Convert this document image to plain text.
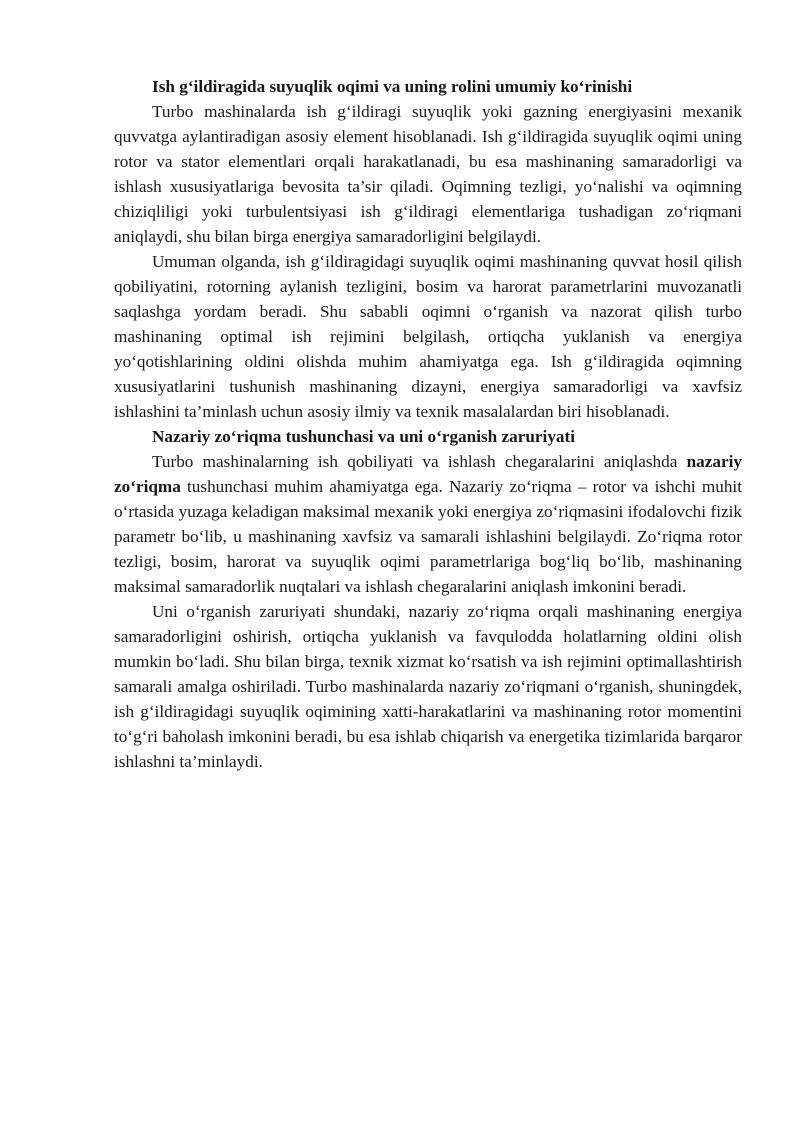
Ish g‘ildiragida suyuqlik oqimi va uning rolini umumiy ko‘rinishi

Turbo mashinalarda ish g‘ildiragi suyuqlik yoki gazning energiyasini mexanik quvvatga aylantiradigan asosiy element hisoblanadi. Ish g‘ildiragida suyuqlik oqimi uning rotor va stator elementlari orqali harakatlanadi, bu esa mashinaning samaradorligi va ishlash xususiyatlariga bevosita ta’sir qiladi. Oqimning tezligi, yo‘nalishi va oqimning chiziqliligi yoki turbulentsiyasi ish g‘ildiragi elementlariga tushadigan zo‘riqmani aniqlaydi, shu bilan birga energiya samaradorligini belgilaydi.

Umuman olganda, ish g‘ildiragidagi suyuqlik oqimi mashinaning quvvat hosil qilish qobiliyatini, rotorning aylanish tezligini, bosim va harorat parametrlarini muvozanatli saqlashga yordam beradi. Shu sababli oqimni o‘rganish va nazorat qilish turbo mashinaning optimal ish rejimini belgilash, ortiqcha yuklanish va energiya yo‘qotishlarining oldini olishda muhim ahamiyatga ega. Ish g‘ildiragida oqimning xususiyatlarini tushunish mashinaning dizayni, energiya samaradorligi va xavfsiz ishlashini ta’minlash uchun asosiy ilmiy va texnik masalalardan biri hisoblanadi.

Nazariy zo‘riqma tushunchasi va uni o‘rganish zaruriyati

Turbo mashinalarning ish qobiliyati va ishlash chegaralarini aniqlashda nazariy zo‘riqma tushunchasi muhim ahamiyatga ega. Nazariy zo‘riqma – rotor va ishchi muhit o‘rtasida yuzaga keladigan maksimal mexanik yoki energiya zo‘riqmasini ifodalovchi fizik parametr bo‘lib, u mashinaning xavfsiz va samarali ishlashini belgilaydi. Zo‘riqma rotor tezligi, bosim, harorat va suyuqlik oqimi parametrlariga bog‘liq bo‘lib, mashinaning maksimal samaradorlik nuqtalari va ishlash chegaralarini aniqlash imkonini beradi.

Uni o‘rganish zaruriyati shundaki, nazariy zo‘riqma orqali mashinaning energiya samaradorligini oshirish, ortiqcha yuklanish va favqulodda holatlarning oldini olish mumkin bo‘ladi. Shu bilan birga, texnik xizmat ko‘rsatish va ish rejimini optimallashtirish samarali amalga oshiriladi. Turbo mashinalarda nazariy zo‘riqmani o‘rganish, shuningdek, ish g‘ildiragidagi suyuqlik oqimining xatti-harakatlarini va mashinaning rotor momentini to‘g‘ri baholash imkonini beradi, bu esa ishlab chiqarish va energetika tizimlarida barqaror ishlashni ta’minlaydi.
